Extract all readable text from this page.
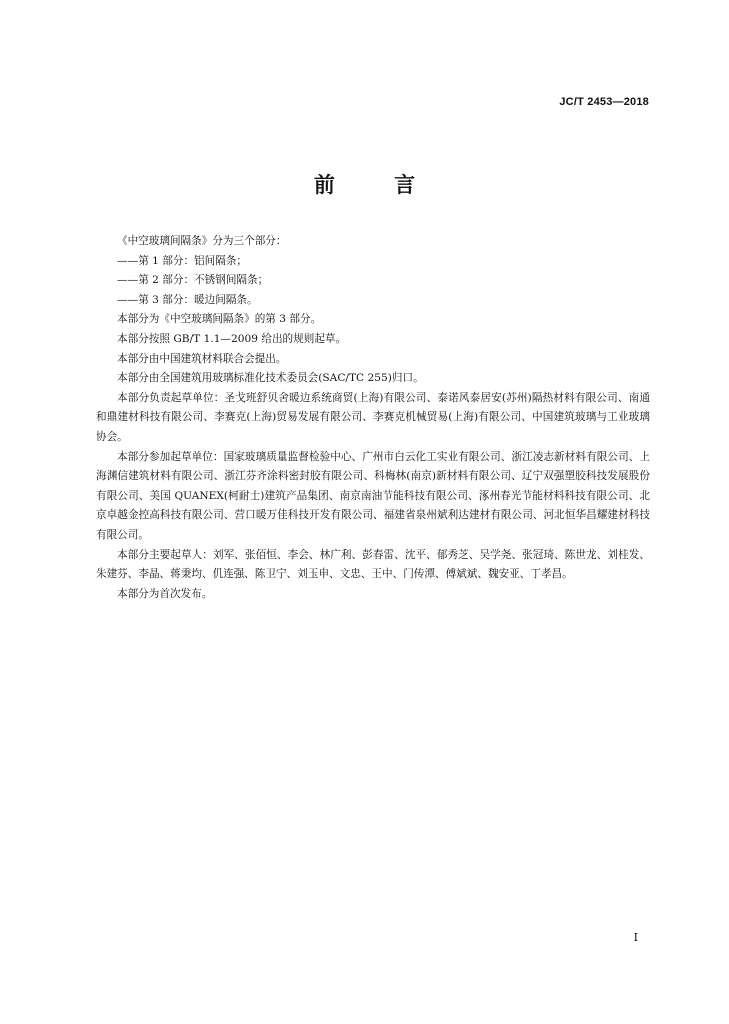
JC/T 2453—2018
前 言

《中空玻璃间隔条》分为三个部分：

——第 1 部分：铝间隔条；

——第 2 部分：不锈钢间隔条；

——第 3 部分：暖边间隔条。

本部分为《中空玻璃间隔条》的第 3 部分。

本部分按照 GB/T 1.1—2009 给出的规则起草。

本部分由中国建筑材料联合会提出。

本部分由全国建筑用玻璃标准化技术委员会(SAC/TC 255)归口。

本部分负责起草单位：圣戈班舒贝舍暖边系统商贸(上海)有限公司、泰诺风泰居安(苏州)隔热材料有限公司、南通和鼎建材科技有限公司、李赛克(上海)贸易发展有限公司、李赛克机械贸易(上海)有限公司、中国建筑玻璃与工业玻璃协会。

本部分参加起草单位：国家玻璃质量监督检验中心、广州市白云化工实业有限公司、浙江凌志新材料有限公司、上海渊信建筑材料有限公司、浙江芬齐涂料密封胶有限公司、科梅林(南京)新材料有限公司、辽宁双强塑胶科技发展股份有限公司、美国 QUANEX(柯耐士)建筑产品集团、南京南油节能科技有限公司、涿州春光节能材料科技有限公司、北京卓越金控高科技有限公司、营口暖万佳科技开发有限公司、福建省泉州斌利达建材有限公司、河北恒华昌耀建材科技有限公司。

本部分主要起草人：刘军、张佰恒、李会、林广利、彭春雷、沈平、郁秀芝、吴学尧、张冠琦、陈世龙、刘桂发、朱建芬、李晶、蒋秉均、仉连强、陈卫宁、刘玉申、文忠、王中、门传潭、傅斌斌、魏安亚、丁孝昌。

本部分为首次发布。

I
